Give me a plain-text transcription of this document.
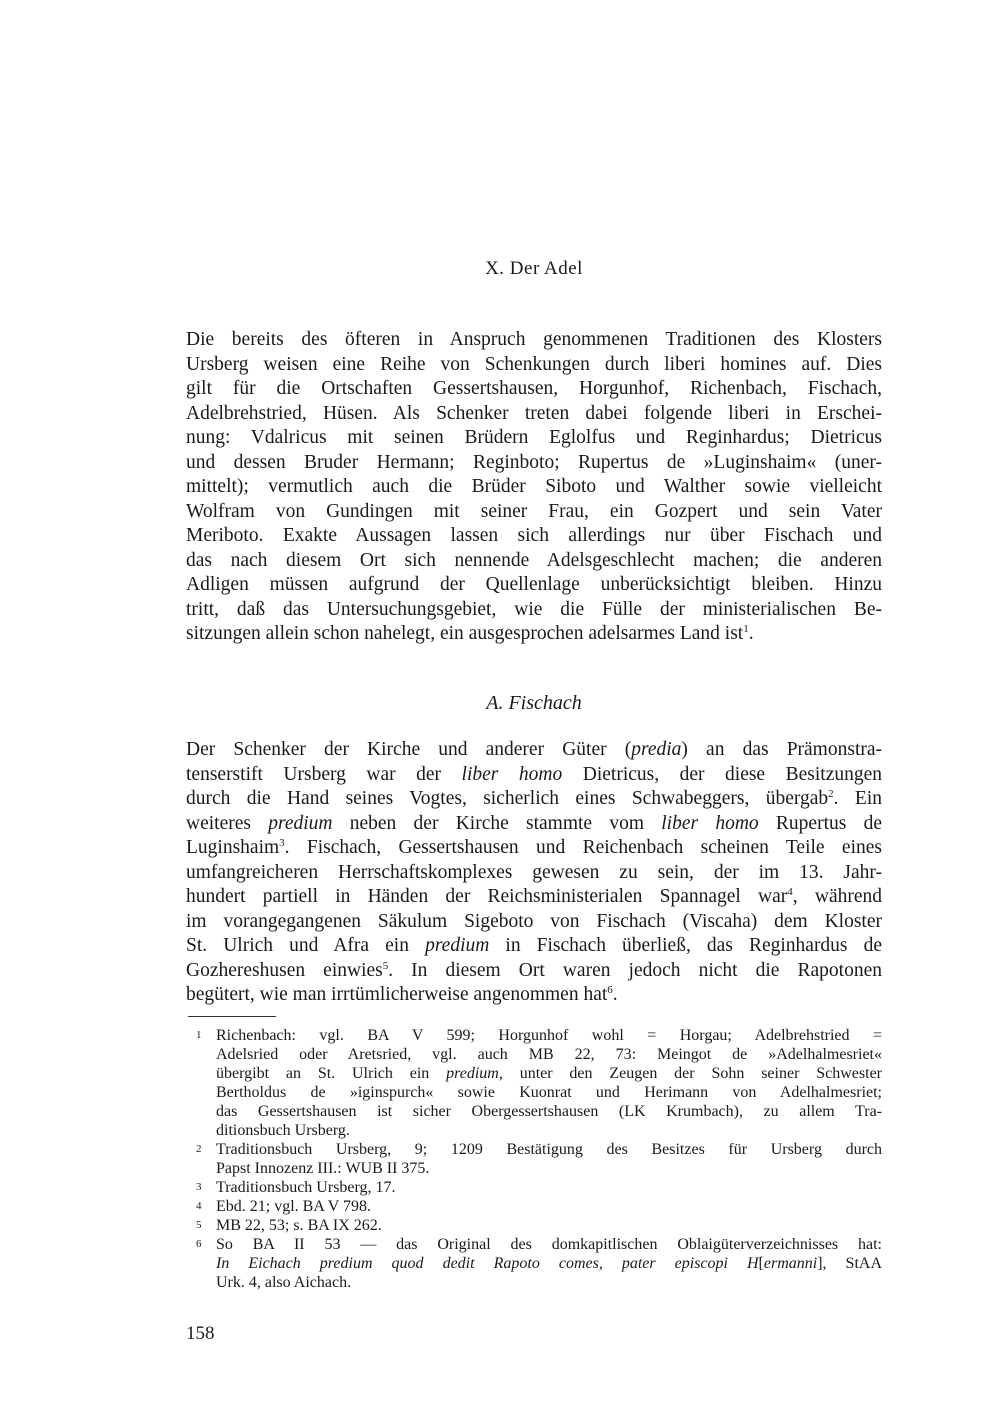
X. Der Adel
Die bereits des öfteren in Anspruch genommenen Traditionen des Klosters
Ursberg weisen eine Reihe von Schenkungen durch liberi homines auf. Dies
gilt für die Ortschaften Gessertshausen, Horgunhof, Richenbach, Fischach,
Adelbrehstried, Hüsen. Als Schenker treten dabei folgende liberi in Erschei-
nung: Vdalricus mit seinen Brüdern Eglolfus und Reginhardus; Dietricus
und dessen Bruder Hermann; Reginboto; Rupertus de »Luginshaim« (uner-
mittelt); vermutlich auch die Brüder Siboto und Walther sowie vielleicht
Wolfram von Gundingen mit seiner Frau, ein Gozpert und sein Vater
Meriboto. Exakte Aussagen lassen sich allerdings nur über Fischach und
das nach diesem Ort sich nennende Adelsgeschlecht machen; die anderen
Adligen müssen aufgrund der Quellenlage unberücksichtigt bleiben. Hinzu
tritt, daß das Untersuchungsgebiet, wie die Fülle der ministerialischen Be-
sitzungen allein schon nahelegt, ein ausgesprochen adelsarmes Land ist$^1$.
A. Fischach
Der Schenker der Kirche und anderer Güter (predia) an das Prämonstra-
tenserstift Ursberg war der liber homo Dietricus, der diese Besitzungen
durch die Hand seines Vogtes, sicherlich eines Schwabeggers, übergab$^2$. Ein
weiteres predium neben der Kirche stammte vom liber homo Rupertus de
Luginshaim$^3$. Fischach, Gessertshausen und Reichenbach scheinen Teile eines
umfangreicheren Herrschaftskomplexes gewesen zu sein, der im 13. Jahr-
hundert partiell in Händen der Reichsministerialen Spannagel war$^4$, während
im vorangegangenen Säkulum Sigeboto von Fischach (Viscaha) dem Kloster
St. Ulrich und Afra ein predium in Fischach überließ, das Reginhardus de
Gozhereshusen einwies$^5$. In diesem Ort waren jedoch nicht die Rapotonen
begütert, wie man irrtümlicherweise angenommen hat$^6$.
1 Richenbach: vgl. BA V 599; Horgunhof wohl = Horgau; Adelbrehstried =
Adelsried oder Aretsried, vgl. auch MB 22, 73: Meingot de »Adelhalmesriet«
übergibt an St. Ulrich ein predium, unter den Zeugen der Sohn seiner Schwester
Bertholdus de »iginspurch« sowie Kuonrat und Herimann von Adelhalmesriet;
das Gessertshausen ist sicher Obergessertshausen (LK Krumbach), zu allem Tra-
ditionsbuch Ursberg.
2 Traditionsbuch Ursberg, 9; 1209 Bestätigung des Besitzes für Ursberg durch
Papst Innozenz III.: WUB II 375.
3 Traditionsbuch Ursberg, 17.
4 Ebd. 21; vgl. BA V 798.
5 MB 22, 53; s. BA IX 262.
6 So BA II 53 — das Original des domkapitlischen Oblaigüterverzeichnisses hat:
In Eichach predium quod dedit Rapoto comes, pater episcopi H[ermanni], StAA
Urk. 4, also Aichach.
158
